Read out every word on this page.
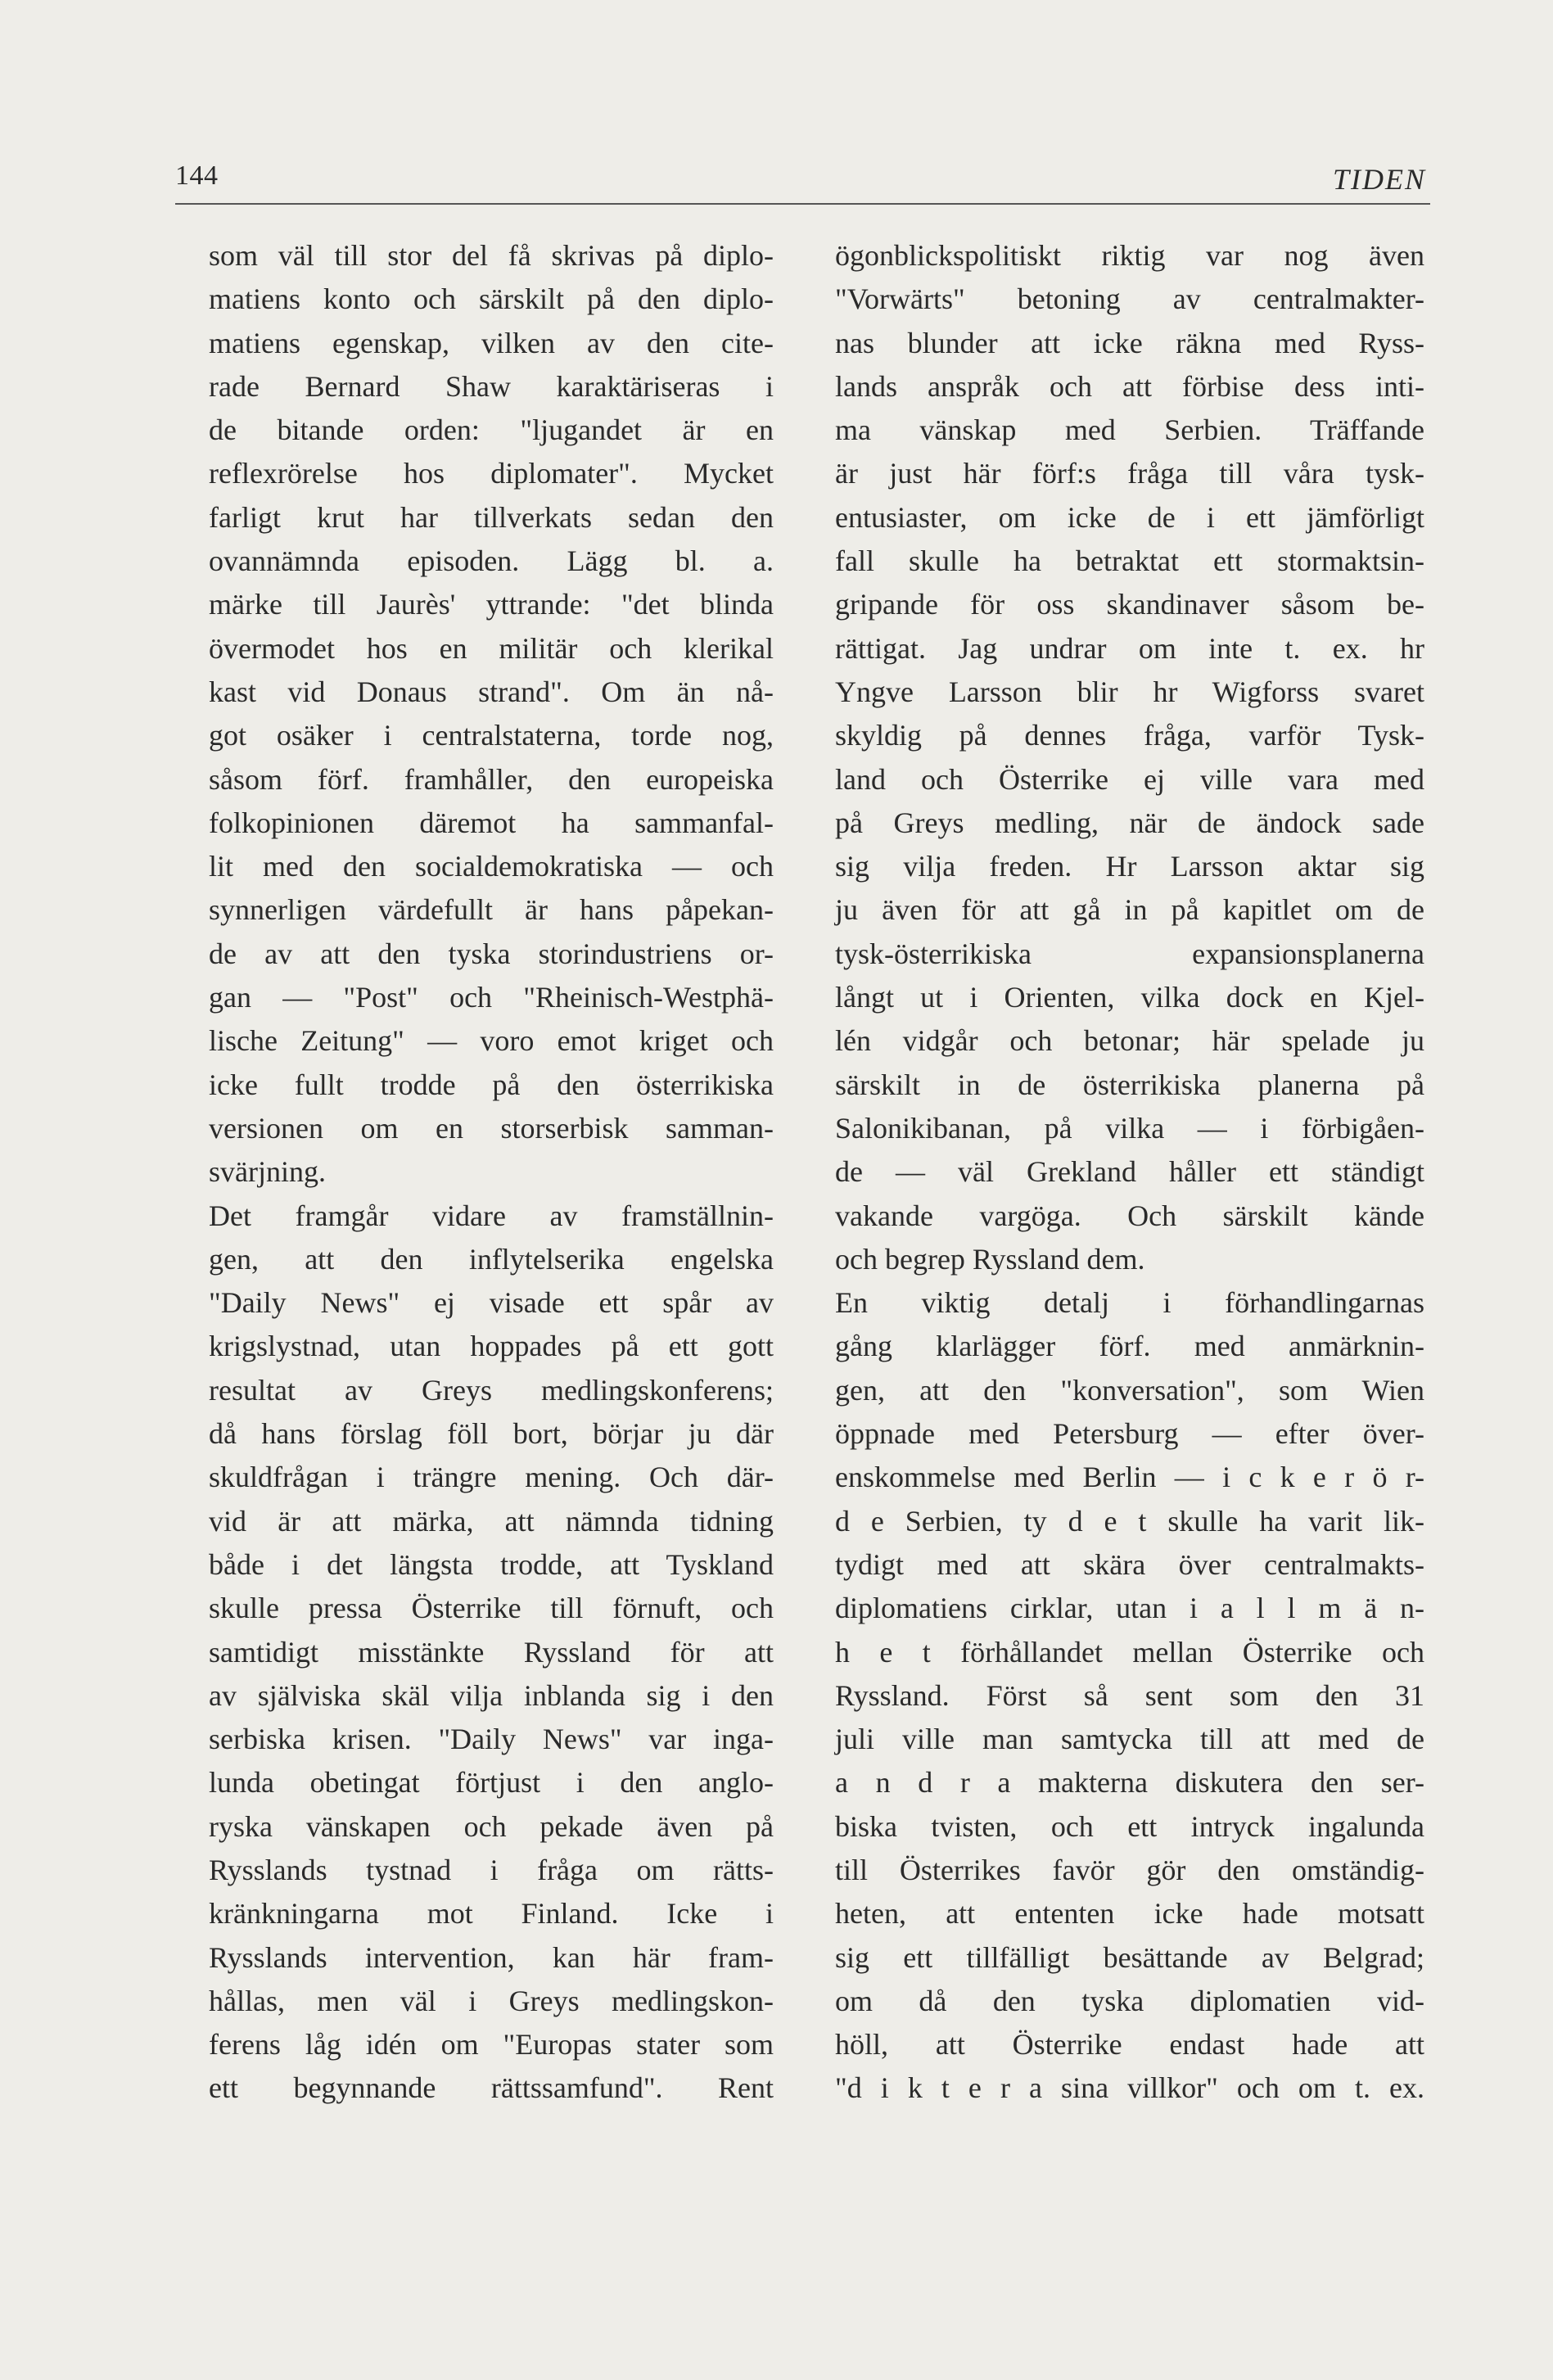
144	TIDEN
som väl till stor del få skrivas på diplo-
matiens konto och särskilt på den diplo-
matiens egenskap, vilken av den cite-
rade Bernard Shaw karaktäriseras i
de bitande orden: "ljugandet är en
reflexrörelse hos diplomater". Mycket
farligt krut har tillverkats sedan den
ovannämnda episoden. Lägg bl. a.
märke till Jaurès' yttrande: "det blinda
övermodet hos en militär och klerikal
kast vid Donaus strand". Om än nå-
got osäker i centralstaterna, torde nog,
såsom förf. framhåller, den europeiska
folkopinionen däremot ha sammanfal-
lit med den socialdemokratiska — och
synnerligen värdefullt är hans påpekan-
de av att den tyska storindustriens or-
gan — "Post" och "Rheinisch-Westphä-
lische Zeitung" — voro emot kriget och
icke fullt trodde på den österrikiska
versionen om en storserbisk samman-
svärjning.
Det framgår vidare av framställnin-
gen, att den inflytelserika engelska
"Daily News" ej visade ett spår av
krigslystnad, utan hoppades på ett gott
resultat av Greys medlingskonferens;
då hans förslag föll bort, börjar ju där
skuldfrågan i trängre mening. Och där-
vid är att märka, att nämnda tidning
både i det längsta trodde, att Tyskland
skulle pressa Österrike till förnuft, och
samtidigt misstänkte Ryssland för att
av själviska skäl vilja inblanda sig i den
serbiska krisen. "Daily News" var inga-
lunda obetingat förtjust i den anglo-
ryska vänskapen och pekade även på
Rysslands tystnad i fråga om rätts-
kränkningarna mot Finland. Icke i
Rysslands intervention, kan här fram-
hållas, men väl i Greys medlingskon-
ferens låg idén om "Europas stater som
ett begynnande rättssamfund". Rent
ögonblickspolitiskt riktig var nog även
"Vorwärts" betoning av centralmakter-
nas blunder att icke räkna med Ryss-
lands anspråk och att förbise dess inti-
ma vänskap med Serbien. Träffande
är just här förf:s fråga till våra tysk-
entusiaster, om icke de i ett jämförligt
fall skulle ha betraktat ett stormaktsin-
gripande för oss skandinaver såsom be-
rättigat. Jag undrar om inte t. ex. hr
Yngve Larsson blir hr Wigforss svaret
skyldig på dennes fråga, varför Tysk-
land och Österrike ej ville vara med
på Greys medling, när de ändock sade
sig vilja freden. Hr Larsson aktar sig
ju även för att gå in på kapitlet om de
tysk-österrikiska expansionsplanerna
långt ut i Orienten, vilka dock en Kjel-
lén vidgår och betonar; här spelade ju
särskilt in de österrikiska planerna på
Salonikibanan, på vilka — i förbigåen-
de — väl Grekland håller ett ständigt
vakande vargöga. Och särskilt kände
och begrep Ryssland dem.
En viktig detalj i förhandlingarnas
gång klarlägger förf. med anmärknin-
gen, att den "konversation", som Wien
öppnade med Petersburg — efter över-
enskommelse med Berlin — i c k e r ö r-
d e Serbien, ty d e t skulle ha varit lik-
tydigt med att skära över centralmakts-
diplomatiens cirklar, utan i a l l m ä n-
h e t förhållandet mellan Österrike och
Ryssland. Först så sent som den 31
juli ville man samtycka till att med de
a n d r a makterna diskutera den ser-
biska tvisten, och ett intryck ingalunda
till Österrikes favör gör den omständig-
heten, att ententen icke hade motsatt
sig ett tillfälligt besättande av Belgrad;
om då den tyska diplomatien vid-
höll, att Österrike endast hade att
"d i k t e r a sina villkor" och om t. ex.
